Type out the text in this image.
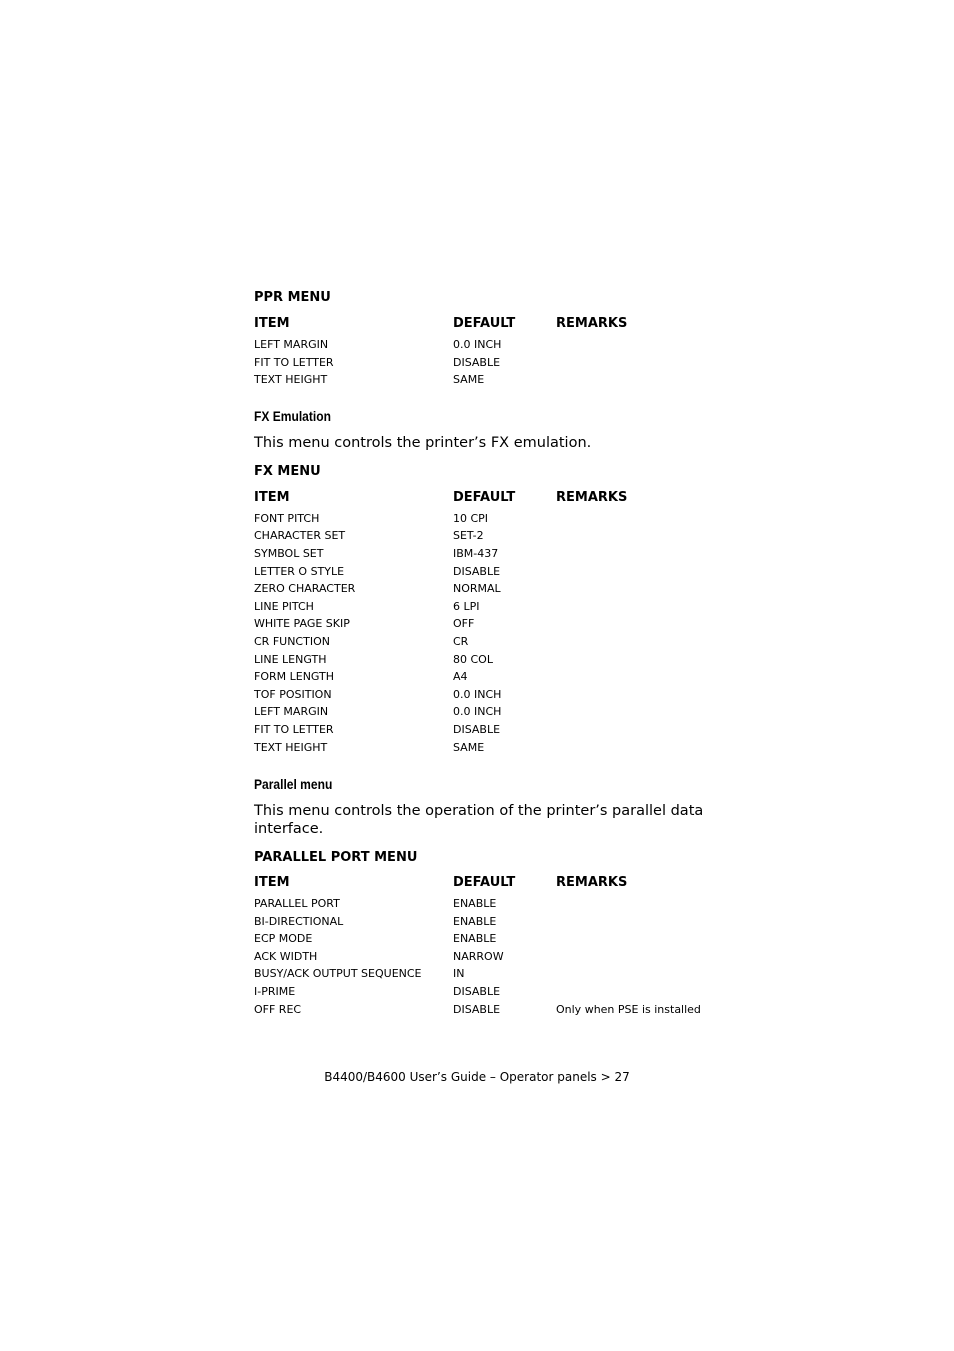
PPR MENU

ITEM	DEFAULT	REMARKS
LEFT MARGIN	0.0 INCH
FIT TO LETTER	DISABLE
TEXT HEIGHT	SAME

FX Emulation

This menu controls the printer’s FX emulation.

FX MENU

ITEM	DEFAULT	REMARKS
FONT PITCH	10 CPI
CHARACTER SET	SET-2
SYMBOL SET	IBM-437
LETTER O STYLE	DISABLE
ZERO CHARACTER	NORMAL
LINE PITCH	6 LPI
WHITE PAGE SKIP	OFF
CR FUNCTION	CR
LINE LENGTH	80 COL
FORM LENGTH	A4
TOF POSITION	0.0 INCH
LEFT MARGIN	0.0 INCH
FIT TO LETTER	DISABLE
TEXT HEIGHT	SAME

Parallel menu

This menu controls the operation of the printer’s parallel data interface.

PARALLEL PORT MENU

ITEM	DEFAULT	REMARKS
PARALLEL PORT	ENABLE
BI-DIRECTIONAL	ENABLE
ECP MODE	ENABLE
ACK WIDTH	NARROW
BUSY/ACK OUTPUT SEQUENCE	IN
I-PRIME	DISABLE
OFF REC	DISABLE	Only when PSE is installed
B4400/B4600 User’s Guide – Operator panels > 27
